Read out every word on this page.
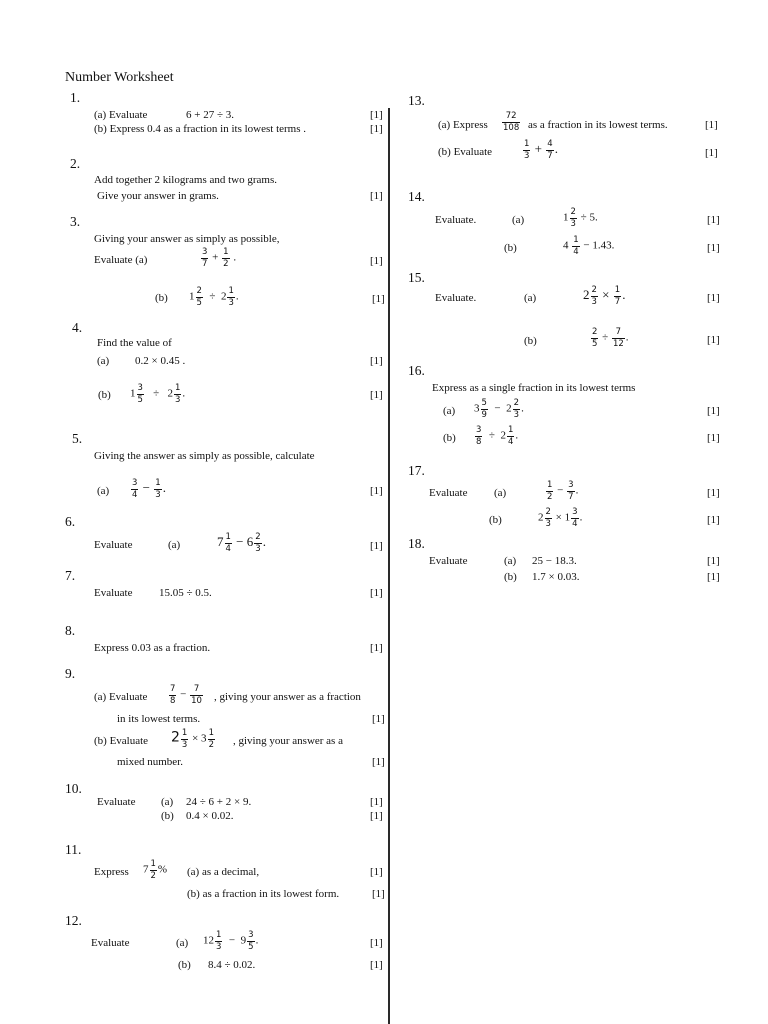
Number Worksheet
1.
(a) Evaluate	6 + 27 ÷ 3.	[1]
(b) Express 0.4 as a fraction in its lowest terms .	[1]
2.
Add together 2 kilograms and two grams.
Give your answer in grams.	[1]
3.
Giving your answer as simply as possible,
Evaluate (a)	$\frac{3}{7} + \frac{1}{2}$ .	[1]
(b) $1 \frac{2}{5} \div 2 \frac{1}{3}$ .	[1]
4.
Find the value of
(a) 0.2 × 0.45 .	[1]
(b) $1 \frac{3}{5} \div 2 \frac{1}{3}$ .	[1]
5.
Giving the answer as simply as possible, calculate
(a)	$\frac{3}{4} - \frac{1}{3}$ .	[1]
6.
Evaluate	(a)	$7 \frac{1}{4} - 6 \frac{2}{3}$ .	[1]
7.
Evaluate 15.05 ÷ 0.5.	[1]
8.
Express 0.03 as a fraction.	[1]
9.
(a) Evaluate	$\frac{7}{8} - \frac{7}{10}$ , giving your answer as a fraction
in its lowest terms.	[1]
(b) Evaluate $2 \frac{1}{3} \times 3 \frac{1}{2}$ , giving your answer as a
mixed number.	[1]
10.
Evaluate (a) 24 ÷ 6 + 2 × 9.	[1]
(b) 0.4 × 0.02.	[1]
11.
Express $7 \frac{1}{2}$ % (a) as a decimal,	[1]
(b) as a fraction in its lowest form.	[1]
12.
Evaluate	(a) $12 \frac{1}{3} - 9 \frac{3}{5}$ .	[1]
(b) 8.4 ÷ 0.02.	[1]
13.
(a) Express $\frac{72}{108}$ as a fraction in its lowest terms.	[1]
(b) Evaluate	$\frac{1}{3} + \frac{4}{7}$ .	[1]
14.
Evaluate.	(a)	$1 \frac{2}{3} \div 5$.	[1]
(b)	$4 \frac{1}{4} - 1.43$.	[1]
15.
Evaluate.	(a)	$2 \frac{2}{3} \times \frac{1}{7}$ .	[1]
(b)	$\frac{2}{5} \div \frac{7}{12}$ .	[1]
16.
Express as a single fraction in its lowest terms
(a) $3 \frac{5}{9} - 2 \frac{2}{3}$ .	[1]
$(b) \frac{3}{8} \div 2 \frac{1}{4}$ .	[1]
17.
Evaluate (a)	$\frac{1}{2} - \frac{3}{7}$ .	[1]
(b)	$2 \frac{2}{3} \times 1 \frac{3}{4}$ .	[1]
18.
Evaluate	(a) 25 − 18.3.	[1]
(b) 1.7 × 0.03.	[1]
